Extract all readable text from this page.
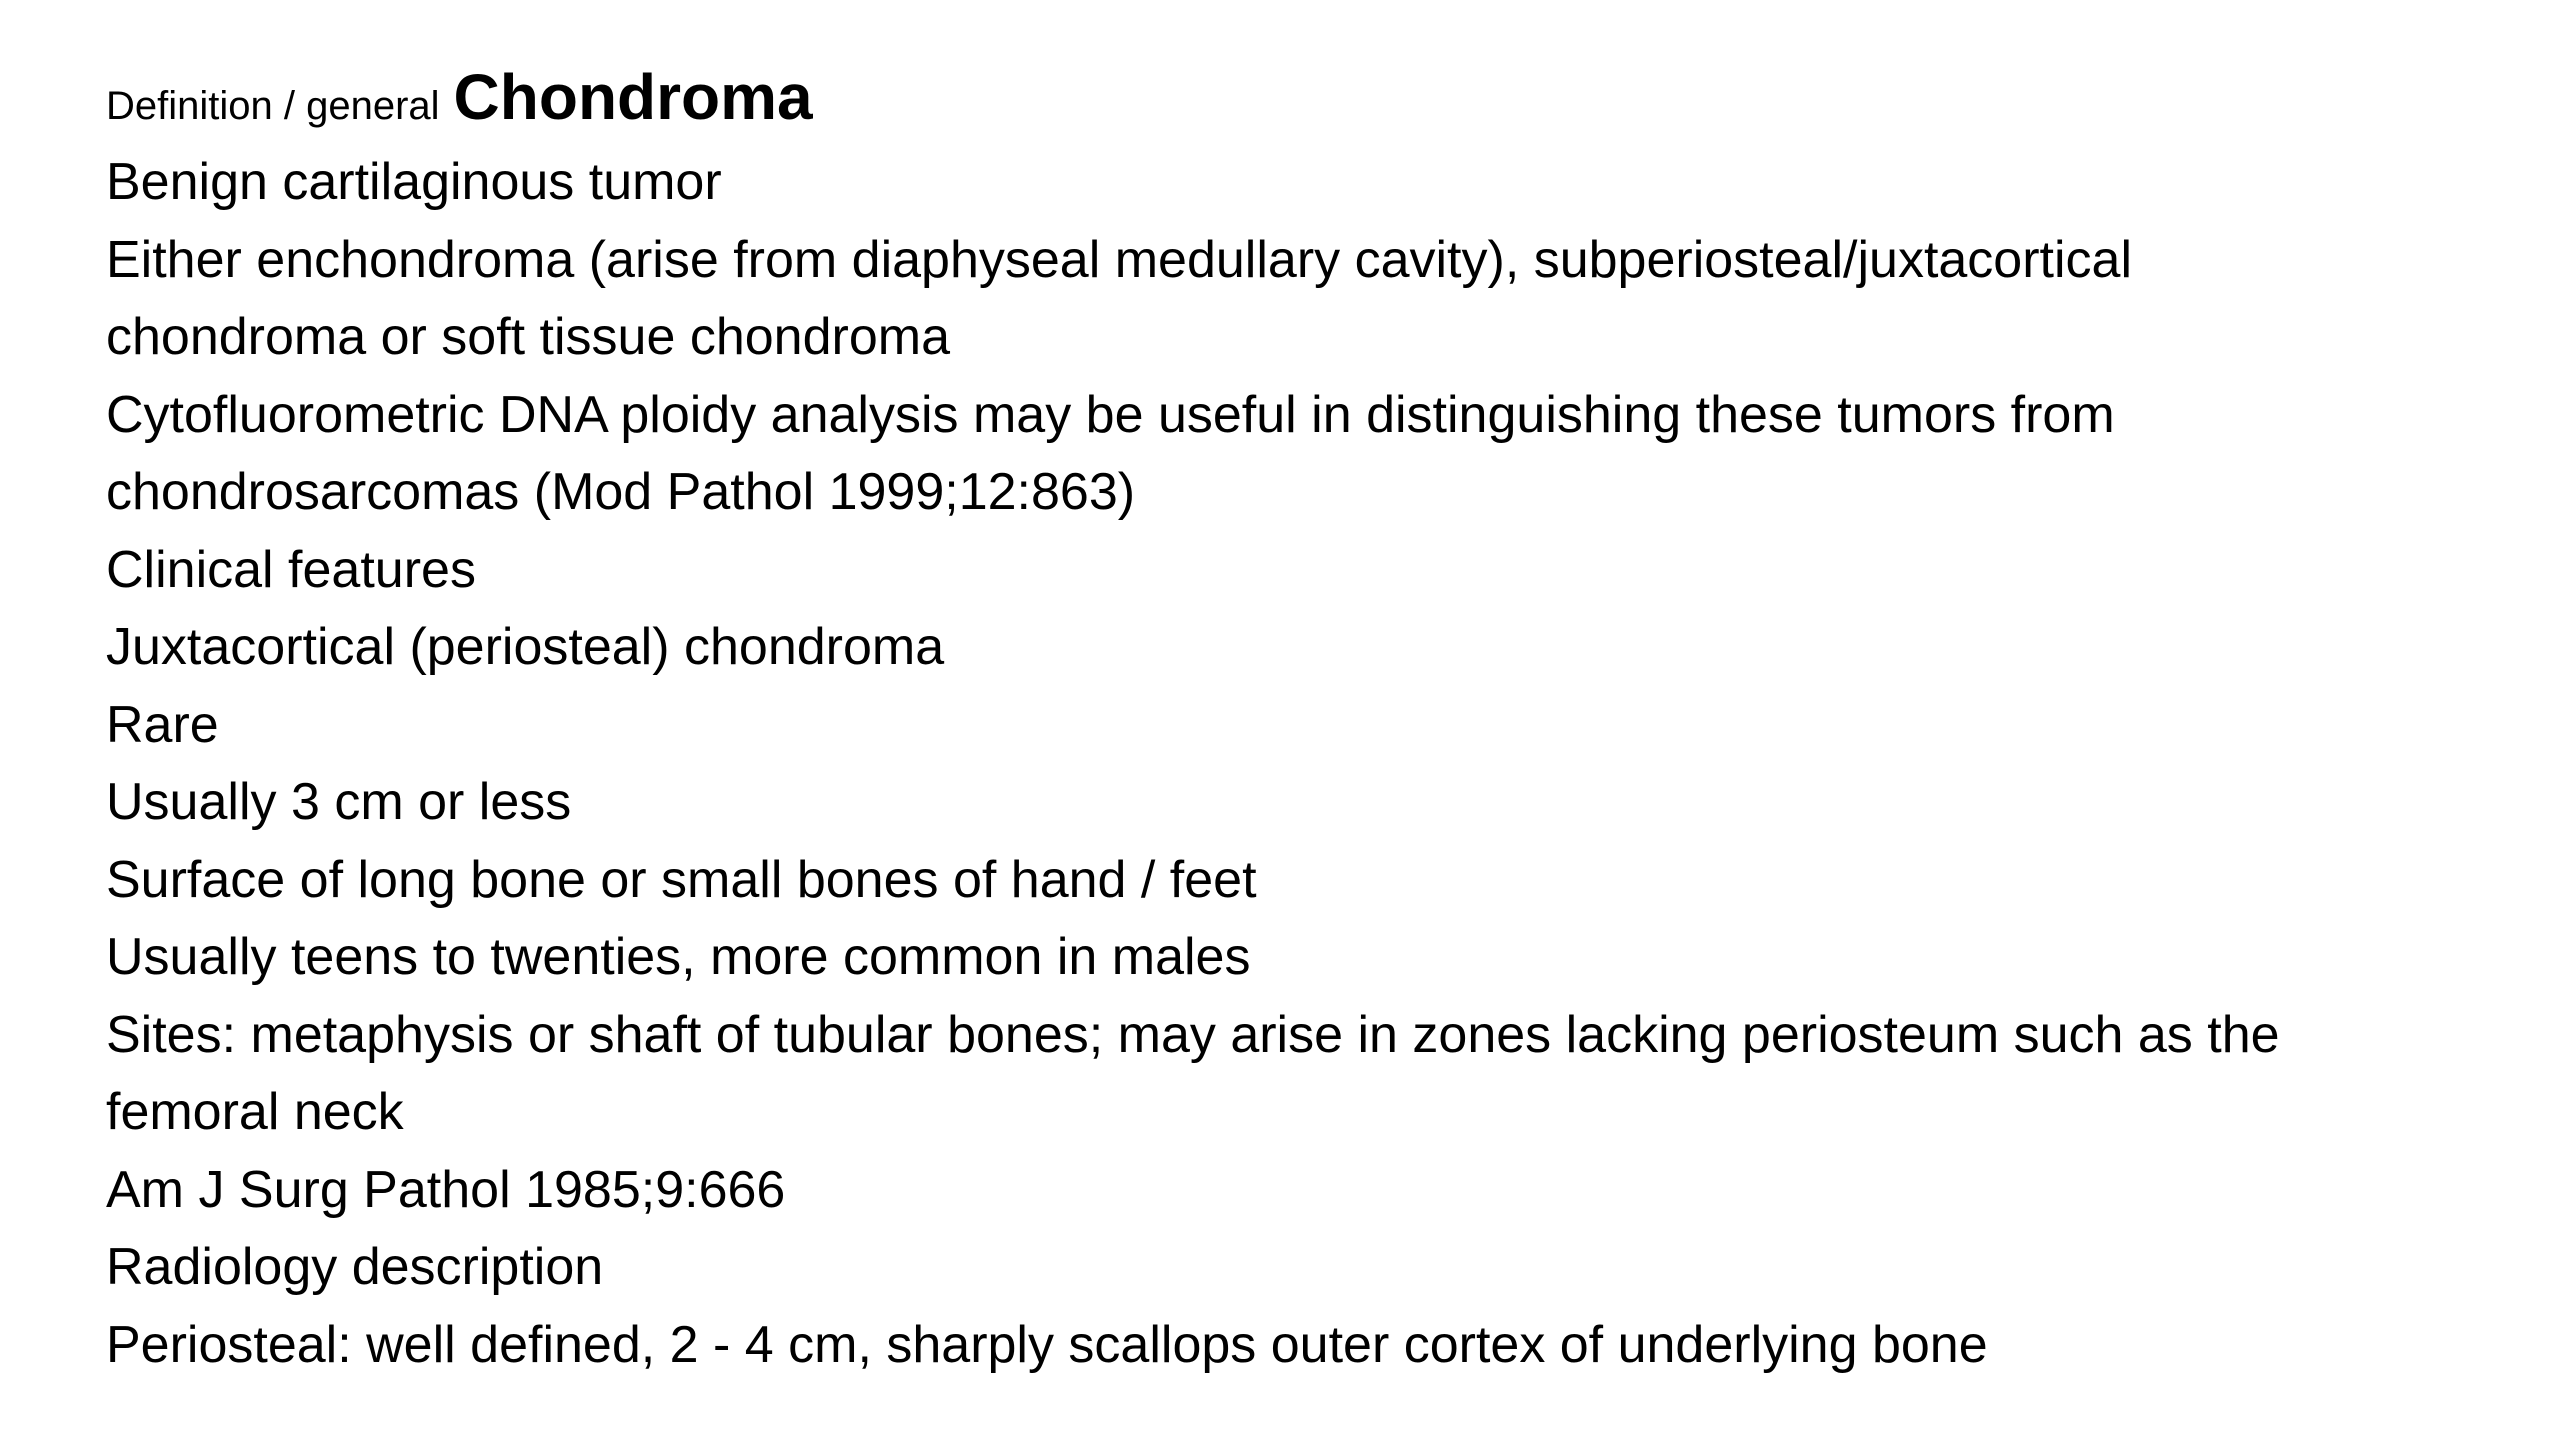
Definition / general Chondroma
Benign cartilaginous tumor
Either enchondroma (arise from diaphyseal medullary cavity), subperiosteal/juxtacortical
chondroma or soft tissue chondroma
Cytofluorometric DNA ploidy analysis may be useful in distinguishing these tumors from
chondrosarcomas (Mod Pathol 1999;12:863)
Clinical features
Juxtacortical (periosteal) chondroma
Rare
Usually 3 cm or less
Surface of long bone or small bones of hand / feet
Usually teens to twenties, more common in males
Sites: metaphysis or shaft of tubular bones; may arise in zones lacking periosteum such as the
femoral neck
Am J Surg Pathol 1985;9:666
Radiology description
Periosteal: well defined, 2 - 4 cm, sharply scallops outer cortex of underlying bone
